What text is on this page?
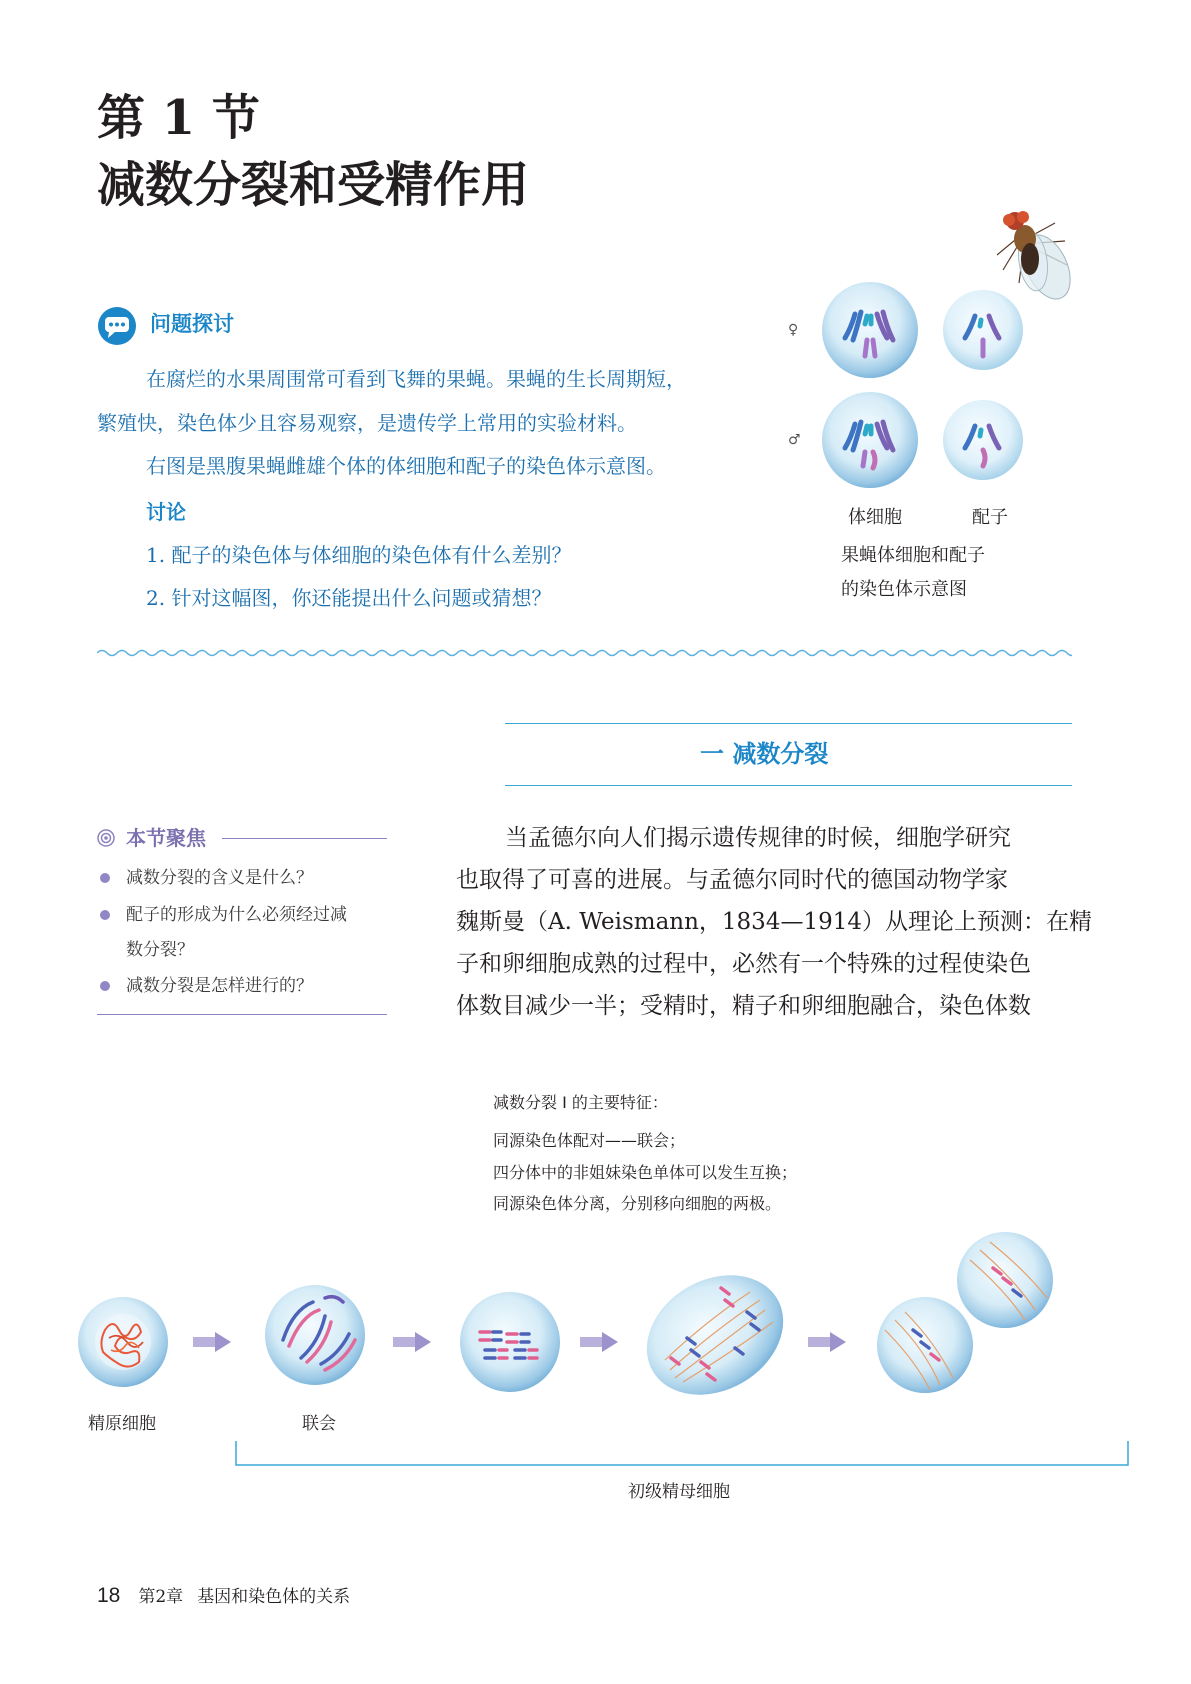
第 1 节
减数分裂和受精作用
问题探讨
在腐烂的水果周围常可看到飞舞的果蝇。果蝇的生长周期短，
繁殖快，染色体少且容易观察，是遗传学上常用的实验材料。
右图是黑腹果蝇雌雄个体的体细胞和配子的染色体示意图。
讨论
1. 配子的染色体与体细胞的染色体有什么差别？
2. 针对这幅图，你还能提出什么问题或猜想？
♀
♂
体细胞	配子
果蝇体细胞和配子
的染色体示意图
一 减数分裂
本节聚焦
减数分裂的含义是什么？
配子的形成为什么必须经过减
数分裂？
减数分裂是怎样进行的？
当孟德尔向人们揭示遗传规律的时候，细胞学研究
也取得了可喜的进展。与孟德尔同时代的德国动物学家
魏斯曼（A. Weismann，1834—1914）从理论上预测：在精
子和卵细胞成熟的过程中，必然有一个特殊的过程使染色
体数目减少一半；受精时，精子和卵细胞融合，染色体数
减数分裂 Ⅰ 的主要特征：
同源染色体配对——联会；
四分体中的非姐妹染色单体可以发生互换；
同源染色体分离，分别移向细胞的两极。
精原细胞	联会
初级精母细胞
18 第2章 基因和染色体的关系
